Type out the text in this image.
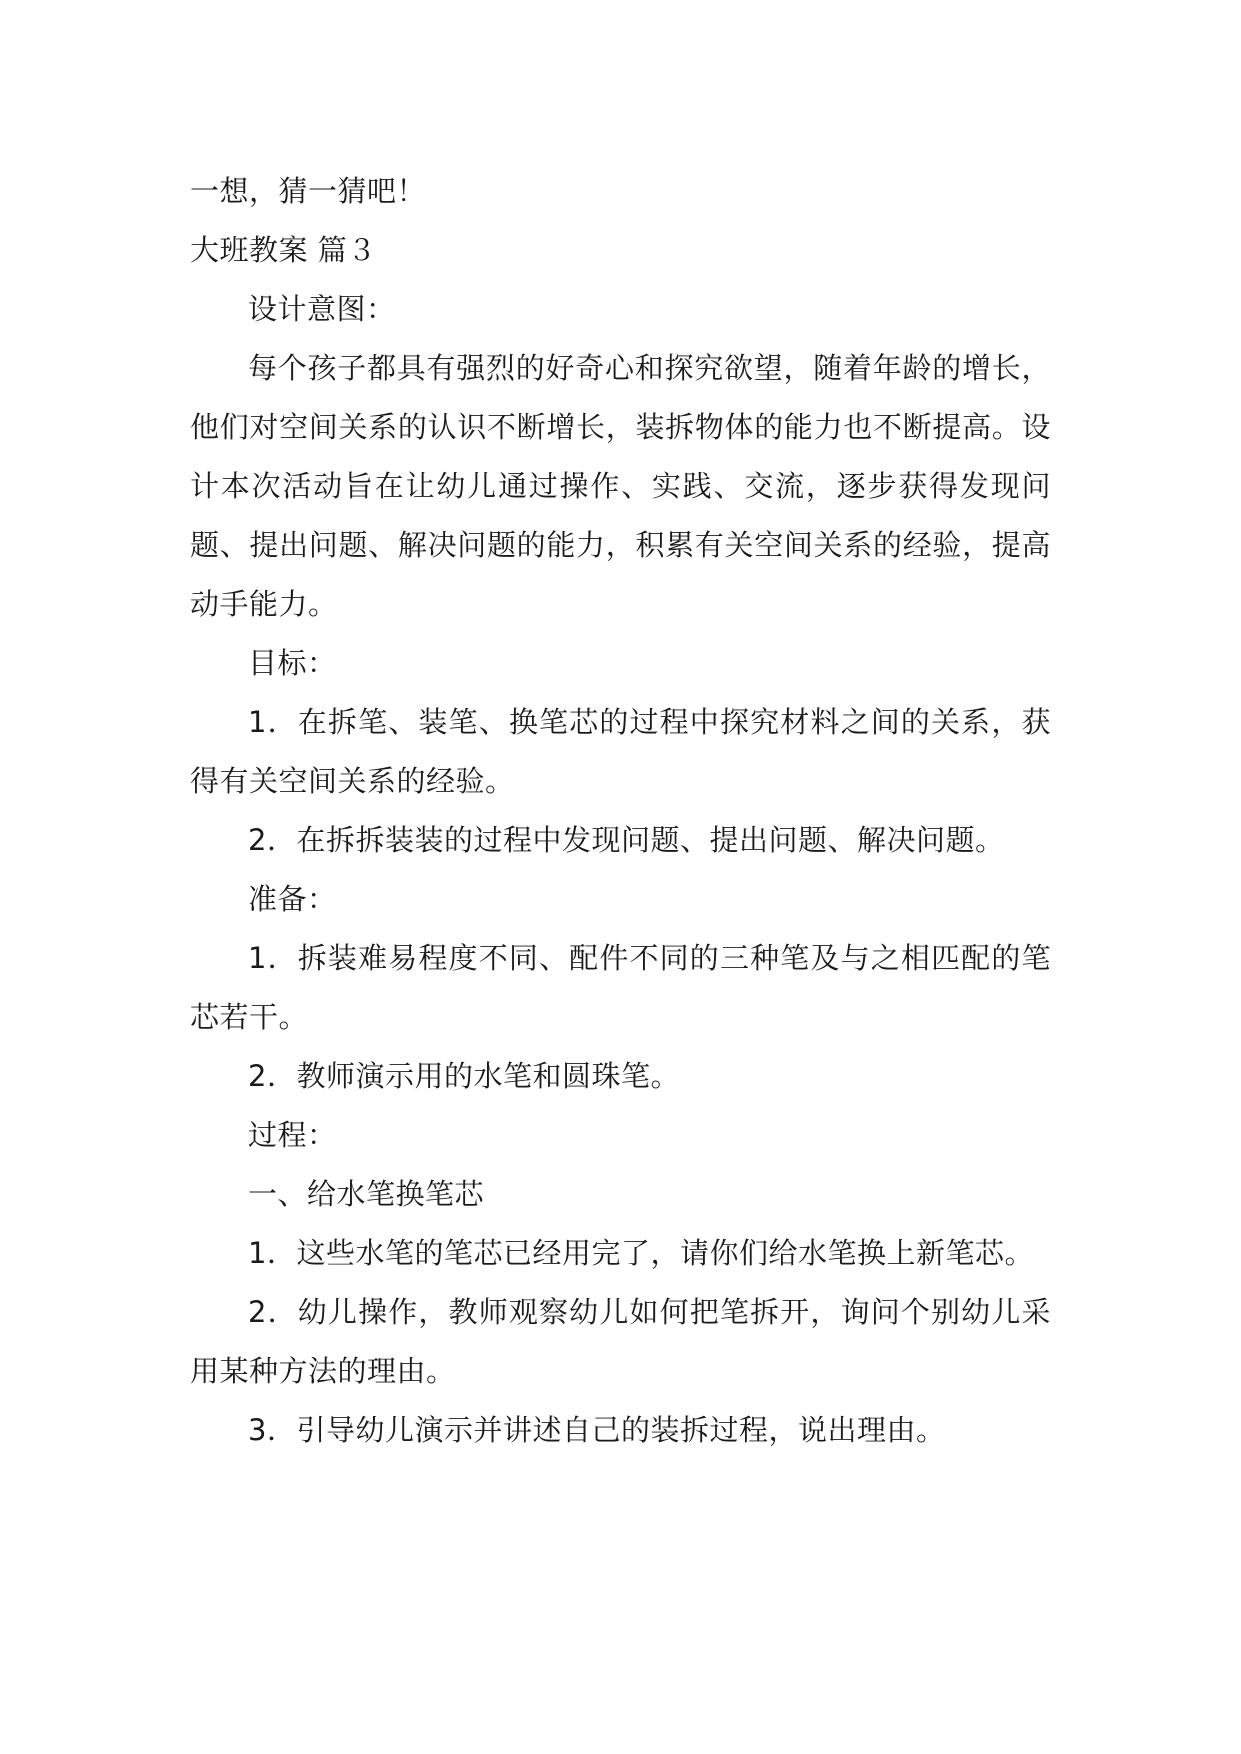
一想，猜一猜吧！
大班教案 篇３
设计意图：

每个孩子都具有强烈的好奇心和探究欲望，随着年龄的增长，他们对空间关系的认识不断增长，装拆物体的能力也不断提高。设计本次活动旨在让幼儿通过操作、实践、交流，逐步获得发现问题、提出问题、解决问题的能力，积累有关空间关系的经验，提高动手能力。

目标：

1．在拆笔、装笔、换笔芯的过程中探究材料之间的关系，获得有关空间关系的经验。

2．在拆拆装装的过程中发现问题、提出问题、解决问题。

准备：

1．拆装难易程度不同、配件不同的三种笔及与之相匹配的笔芯若干。

2．教师演示用的水笔和圆珠笔。
过程：
一、给水笔换笔芯

1．这些水笔的笔芯已经用完了，请你们给水笔换上新笔芯。

2．幼儿操作，教师观察幼儿如何把笔拆开，询问个别幼儿采用某种方法的理由。

3．引导幼儿演示并讲述自己的装拆过程，说出理由。
